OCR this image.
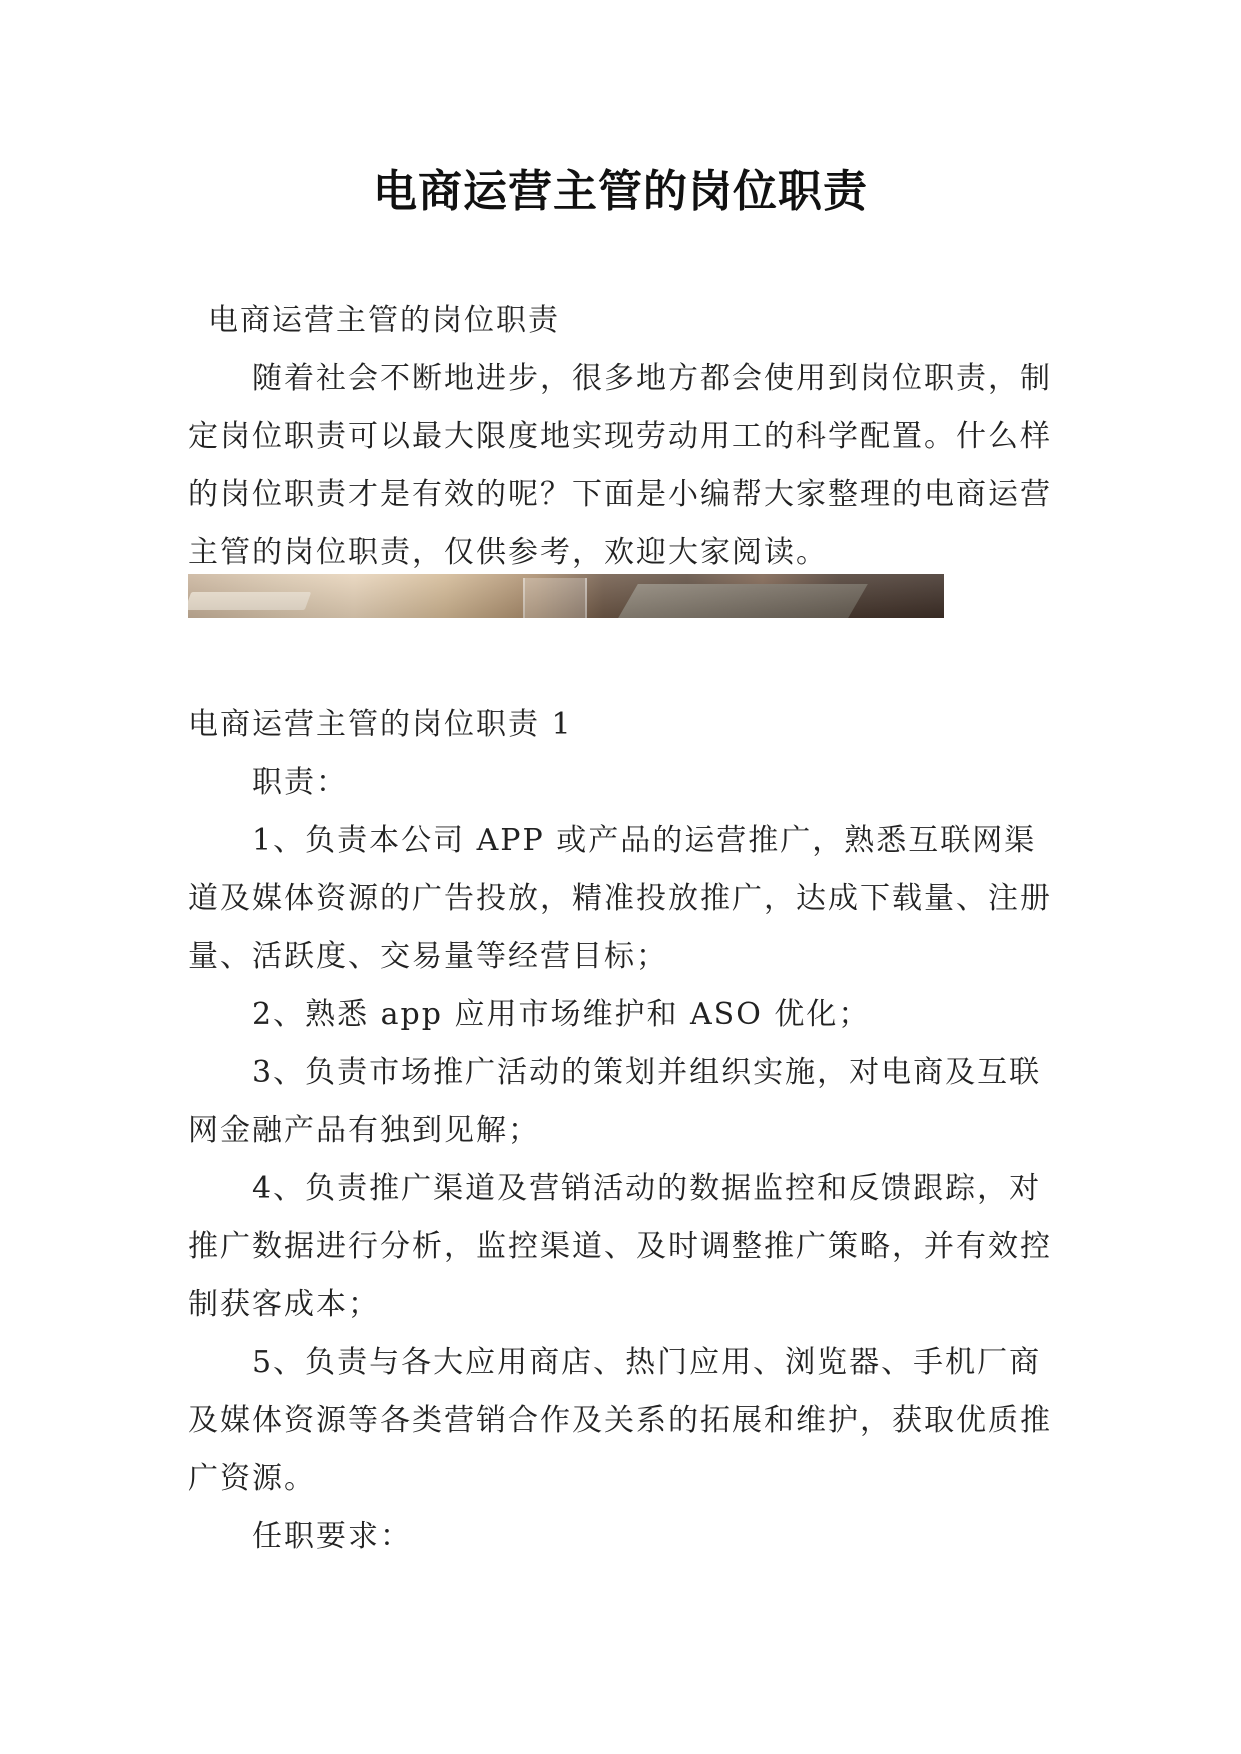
电商运营主管的岗位职责

电商运营主管的岗位职责

随着社会不断地进步，很多地方都会使用到岗位职责，制定岗位职责可以最大限度地实现劳动用工的科学配置。什么样的岗位职责才是有效的呢？下面是小编帮大家整理的电商运营主管的岗位职责，仅供参考，欢迎大家阅读。

电商运营主管的岗位职责 1

职责：

1、负责本公司 APP 或产品的运营推广，熟悉互联网渠道及媒体资源的广告投放，精准投放推广，达成下载量、注册量、活跃度、交易量等经营目标；

2、熟悉 app 应用市场维护和 ASO 优化；

3、负责市场推广活动的策划并组织实施，对电商及互联网金融产品有独到见解；

4、负责推广渠道及营销活动的数据监控和反馈跟踪，对推广数据进行分析，监控渠道、及时调整推广策略，并有效控制获客成本；

5、负责与各大应用商店、热门应用、浏览器、手机厂商及媒体资源等各类营销合作及关系的拓展和维护，获取优质推广资源。

任职要求：
